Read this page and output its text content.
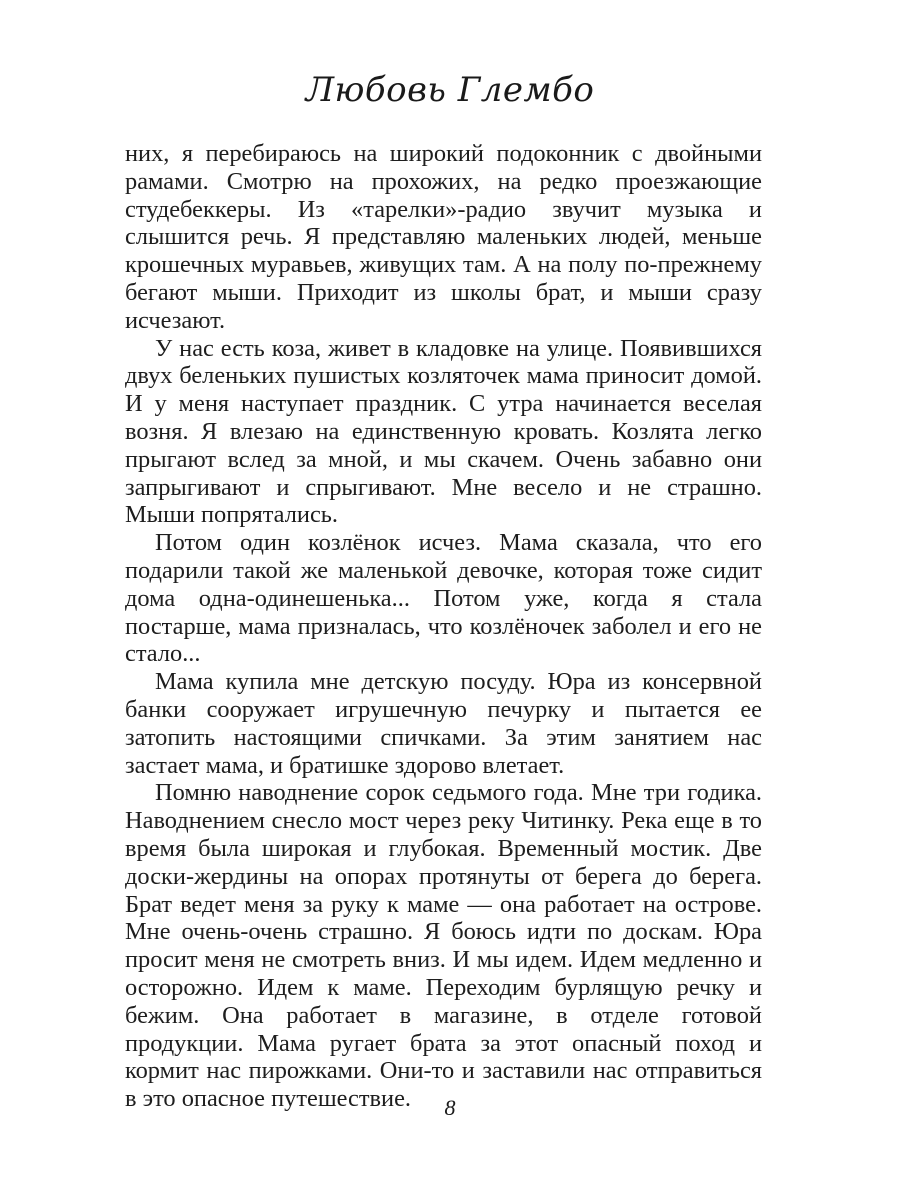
Любовь Глембо

них, я перебираюсь на широкий подоконник с двойными рамами. Смотрю на прохожих, на редко проезжающие студебеккеры. Из «тарелки»-радио звучит музыка и слышится речь. Я представляю маленьких людей, меньше крошечных муравьев, живущих там. А на полу по-прежнему бегают мыши. Приходит из школы брат, и мыши сразу исчезают.

У нас есть коза, живет в кладовке на улице. Появившихся двух беленьких пушистых козляточек мама приносит домой. И у меня наступает праздник. С утра начинается веселая возня. Я влезаю на единственную кровать. Козлята легко прыгают вслед за мной, и мы скачем. Очень забавно они запрыгивают и спрыгивают. Мне весело и не страшно. Мыши попрятались.

Потом один козлёнок исчез. Мама сказала, что его подарили такой же маленькой девочке, которая тоже сидит дома одна-одинешенька... Потом уже, когда я стала постарше, мама призналась, что козлёночек заболел и его не стало...

Мама купила мне детскую посуду. Юра из консервной банки сооружает игрушечную печурку и пытается ее затопить настоящими спичками. За этим занятием нас застает мама, и братишке здорово влетает.

Помню наводнение сорок седьмого года. Мне три годика. Наводнением снесло мост через реку Читинку. Река еще в то время была широкая и глубокая. Временный мостик. Две доски-жердины на опорах протянуты от берега до берега. Брат ведет меня за руку к маме — она работает на острове. Мне очень-очень страшно. Я боюсь идти по доскам. Юра просит меня не смотреть вниз. И мы идем. Идем медленно и осторожно. Идем к маме. Переходим бурлящую речку и бежим. Она работает в магазине, в отделе готовой продукции. Мама ругает брата за этот опасный поход и кормит нас пирожками. Они-то и заставили нас отправиться в это опасное путешествие.	8
